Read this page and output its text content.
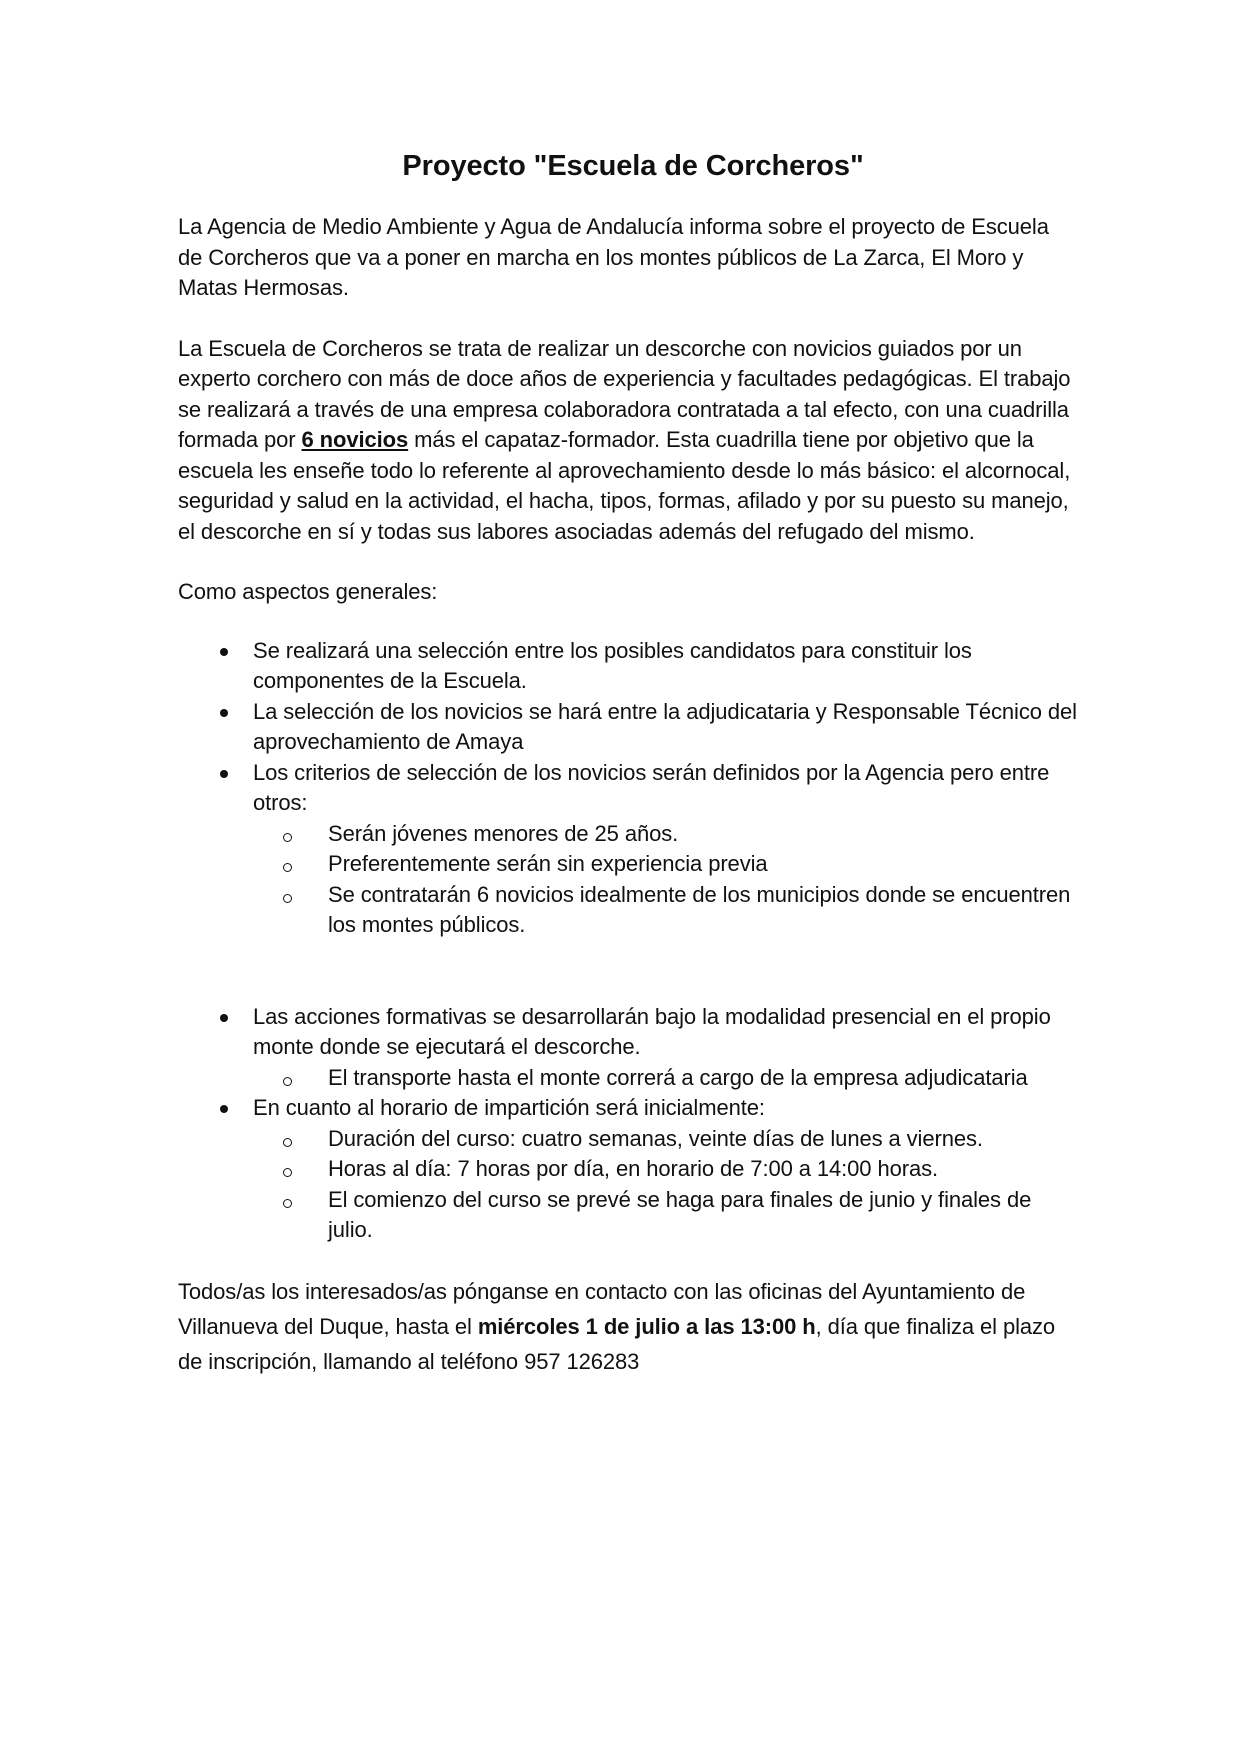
Proyecto "Escuela de Corcheros"

La Agencia de Medio Ambiente y Agua de Andalucía informa sobre el proyecto de Escuela de Corcheros que va a poner en marcha en los montes públicos de La Zarca, El Moro y Matas Hermosas.

La Escuela de Corcheros se trata de realizar un descorche con novicios guiados por un experto corchero con más de doce años de experiencia y facultades pedagógicas. El trabajo se realizará a través de una empresa colaboradora contratada a tal efecto, con una cuadrilla formada por 6 novicios más el capataz-formador. Esta cuadrilla tiene por objetivo que la escuela les enseñe todo lo referente al aprovechamiento desde lo más básico: el alcornocal, seguridad y salud en la actividad, el hacha, tipos, formas, afilado y por su puesto su manejo, el descorche en sí y todas sus labores asociadas además del refugado del mismo.

Como aspectos generales:

Se realizará una selección entre los posibles candidatos para constituir los componentes de la Escuela.
La selección de los novicios se hará entre la adjudicataria y Responsable Técnico del aprovechamiento de Amaya
Los criterios de selección de los novicios serán definidos por la Agencia pero entre otros:
Serán jóvenes menores de 25 años.
Preferentemente serán sin experiencia previa
Se contratarán 6 novicios idealmente de los municipios donde se encuentren los montes públicos.
Las acciones formativas se desarrollarán bajo la modalidad presencial en el propio monte donde se ejecutará el descorche.
El transporte hasta el monte correrá a cargo de la empresa adjudicataria
En cuanto al horario de impartición será inicialmente:
Duración del curso: cuatro semanas, veinte días de lunes a viernes.
Horas al día: 7 horas por día, en horario de 7:00 a 14:00 horas.
El comienzo del curso se prevé se haga para finales de junio y finales de julio.

Todos/as los interesados/as pónganse en contacto con las oficinas del Ayuntamiento de Villanueva del Duque, hasta el miércoles 1 de julio a las 13:00 h, día que finaliza el plazo de inscripción, llamando al teléfono 957 126283
